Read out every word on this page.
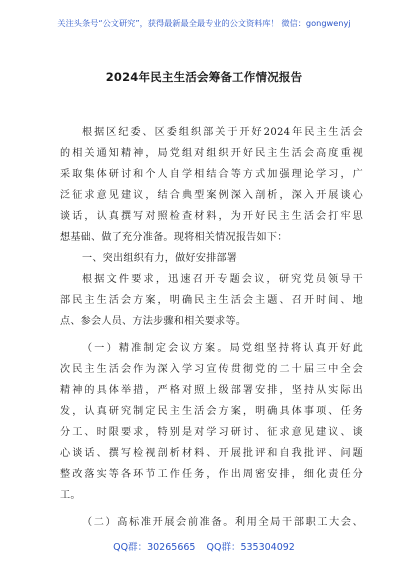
关注头条号“公文研究”，获得最新最全最专业的公文资料库！ 微信：gongwenyj
2024年民主生活会筹备工作情况报告
根据区纪委、区委组织部关于开好2024年民主生活会
的相关通知精神，局党组对组织开好民主生活会高度重视
采取集体研讨和个人自学相结合等方式加强理论学习，广
泛征求意见建议，结合典型案例深入剖析，深入开展谈心
谈话，认真撰写对照检查材料，为开好民主生活会打牢思
想基础、做了充分准备。现将相关情况报告如下：
一、突出组织有力，做好安排部署
根据文件要求，迅速召开专题会议，研究党员领导干
部民主生活会方案，明确民主生活会主题、召开时间、地
点、参会人员、方法步骤和相关要求等。
（一）精准制定会议方案。局党组坚持将认真开好此
次民主生活会作为深入学习宣传贯彻党的二十届三中全会
精神的具体举措，严格对照上级部署安排，坚持从实际出
发，认真研究制定民主生活会方案，明确具体事项、任务
分工、时限要求，特别是对学习研讨、征求意见建议、谈
心谈话、撰写检视剖析材料、开展批评和自我批评、问题
整改落实等各环节工作任务，作出周密安排，细化责任分
工。
（二）高标准开展会前准备。利用全局干部职工大会、
QQ群：30265665 QQ群：535304092
